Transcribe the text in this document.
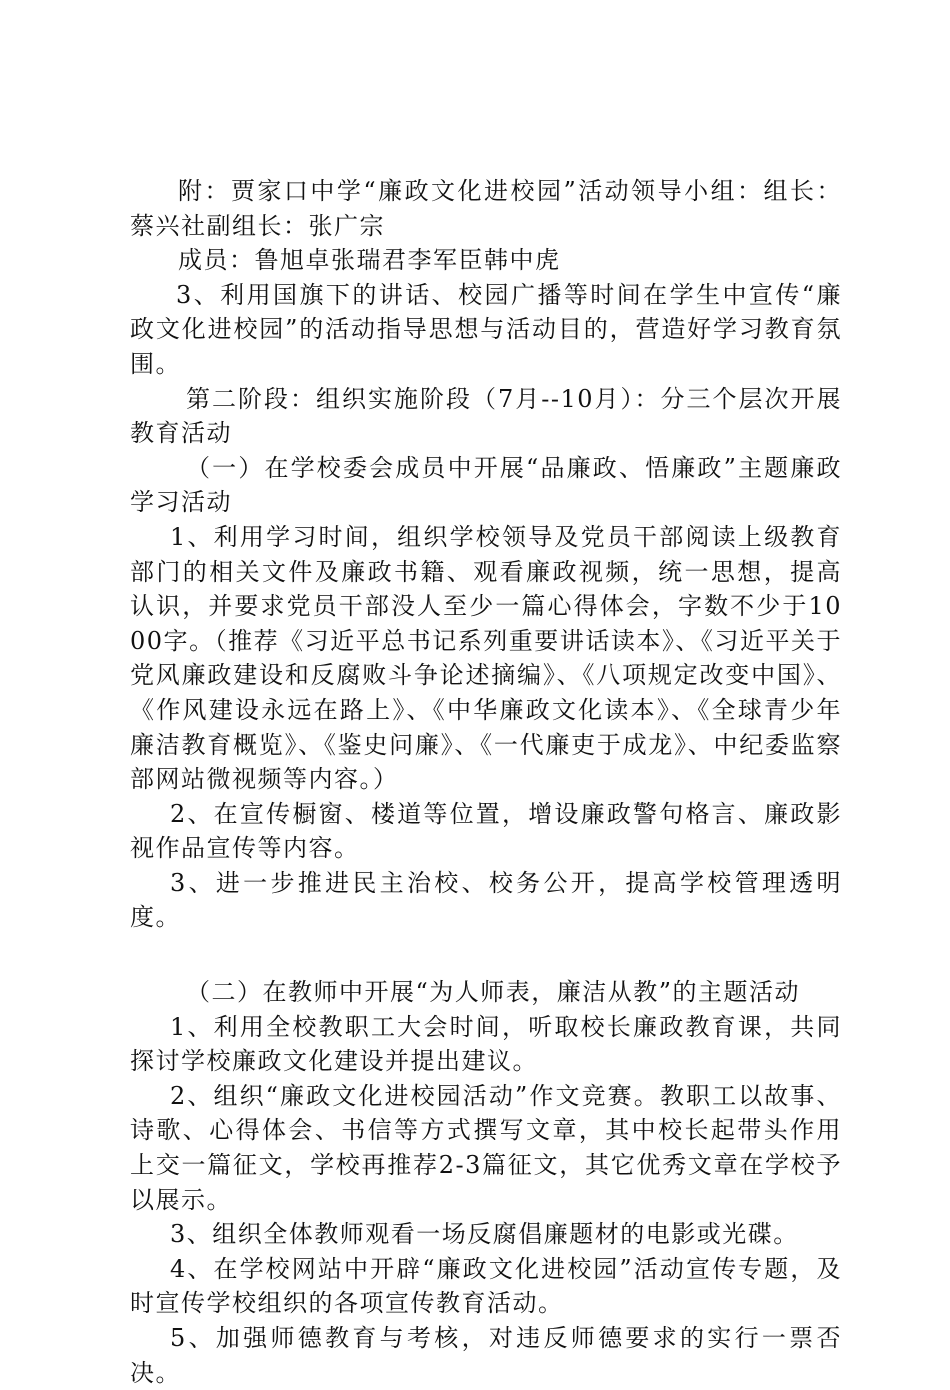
附：贾家口中学“廉政文化进校园”活动领导小组：组长：蔡兴社副组长：张广宗

成员：鲁旭卓张瑞君李军臣韩中虎

3、利用国旗下的讲话、校园广播等时间在学生中宣传“廉政文化进校园”的活动指导思想与活动目的，营造好学习教育氛围。

第二阶段：组织实施阶段（7月--10月）：分三个层次开展教育活动

（一）在学校委会成员中开展“品廉政、悟廉政”主题廉政学习活动

1、利用学习时间，组织学校领导及党员干部阅读上级教育部门的相关文件及廉政书籍、观看廉政视频，统一思想，提高认识，并要求党员干部没人至少一篇心得体会，字数不少于1000字。（推荐《习近平总书记系列重要讲话读本》、《习近平关于党风廉政建设和反腐败斗争论述摘编》、《八项规定改变中国》、《作风建设永远在路上》、《中华廉政文化读本》、《全球青少年廉洁教育概览》、《鉴史问廉》、《一代廉吏于成龙》、中纪委监察部网站微视频等内容。）

2、在宣传橱窗、楼道等位置，增设廉政警句格言、廉政影视作品宣传等内容。

3、进一步推进民主治校、校务公开，提高学校管理透明度。

（二）在教师中开展“为人师表，廉洁从教”的主题活动

1、利用全校教职工大会时间，听取校长廉政教育课，共同探讨学校廉政文化建设并提出建议。

2、组织“廉政文化进校园活动”作文竞赛。教职工以故事、诗歌、心得体会、书信等方式撰写文章，其中校长起带头作用上交一篇征文，学校再推荐2-3篇征文，其它优秀文章在学校予以展示。

3、组织全体教师观看一场反腐倡廉题材的电影或光碟。

4、在学校网站中开辟“廉政文化进校园”活动宣传专题，及时宣传学校组织的各项宣传教育活动。

5、加强师德教育与考核，对违反师德要求的实行一票否决。
